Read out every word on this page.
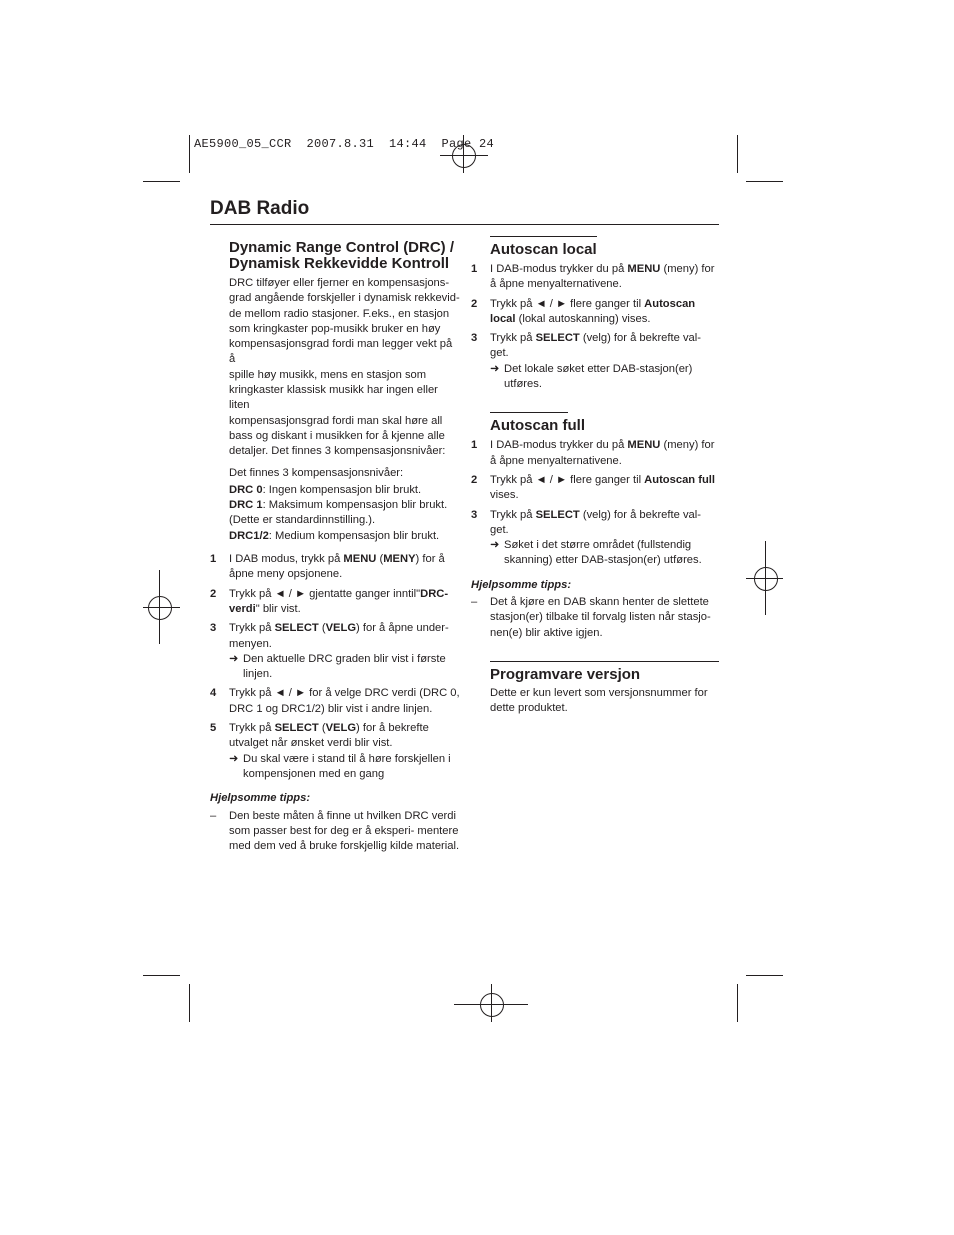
AE5900_05_CCR  2007.8.31  14:44  Page 24
DAB Radio
Dynamic Range Control (DRC) / Dynamisk Rekkevidde Kontroll
DRC tilføyer eller fjerner en kompensasjons-
grad angående forskjeller i dynamisk rekkevid-
de mellom radio stasjoner. F.eks., en stasjon
som kringkaster pop-musikk bruker en høy
kompensasjonsgrad fordi man legger vekt på å
spille høy musikk, mens en stasjon som
kringkaster klassisk musikk har ingen eller liten
kompensasjonsgrad fordi man skal høre all
bass og diskant i musikken for å kjenne alle
detaljer. Det finnes 3 kompensasjonsnivåer:

Det finnes 3 kompensasjonsnivåer:

DRC 0: Ingen kompensasjon blir brukt.

DRC 1: Maksimum kompensasjon blir brukt.

(Dette er standardinnstilling.).

DRC1/2: Medium kompensasjon blir brukt.

1 I DAB modus, trykk på MENU (MENY) for å åpne meny opsjonene.
2 Trykk på ◄ / ► gjentatte ganger inntil"DRC-verdi" blir vist.
3 Trykk på SELECT (VELG) for å åpne under-menyen.
➜ Den aktuelle DRC graden blir vist i første linjen.
4 Trykk på ◄ / ► for å velge DRC verdi (DRC 0, DRC 1 og DRC1/2) blir vist i andre linjen.
5 Trykk på SELECT (VELG) for å bekrefte utvalget når ønsket verdi blir vist.
➜ Du skal være i stand til å høre forskjellen i kompensjonen med en gang
Hjelpsomme tipps:
– Den beste måten å finne ut hvilken DRC verdi som passer best for deg er å eksperi- mentere med dem ved å bruke forskjellig kilde material.
Autoscan local
1 I DAB-modus trykker du på MENU (meny) for å åpne menyalternativene.
2 Trykk på ◄ / ► flere ganger til Autoscan local (lokal autoskanning) vises.
3 Trykk på SELECT (velg) for å bekrefte val- get.
➜ Det lokale søket etter DAB-stasjon(er) utføres.
Autoscan full
1 I DAB-modus trykker du på MENU (meny) for å åpne menyalternativene.
2 Trykk på ◄ / ► flere ganger til Autoscan full vises.
3 Trykk på SELECT (velg) for å bekrefte val- get.
➜ Søket i det større området (fullstendig skanning) etter DAB-stasjon(er) utføres.
Hjelpsomme tipps:
– Det å kjøre en DAB skann henter de slettete stasjon(er) tilbake til forvalg listen når stasjo- nen(e) blir aktive igjen.
Programvare versjon

Dette er kun levert som versjonsnummer for dette produktet.
